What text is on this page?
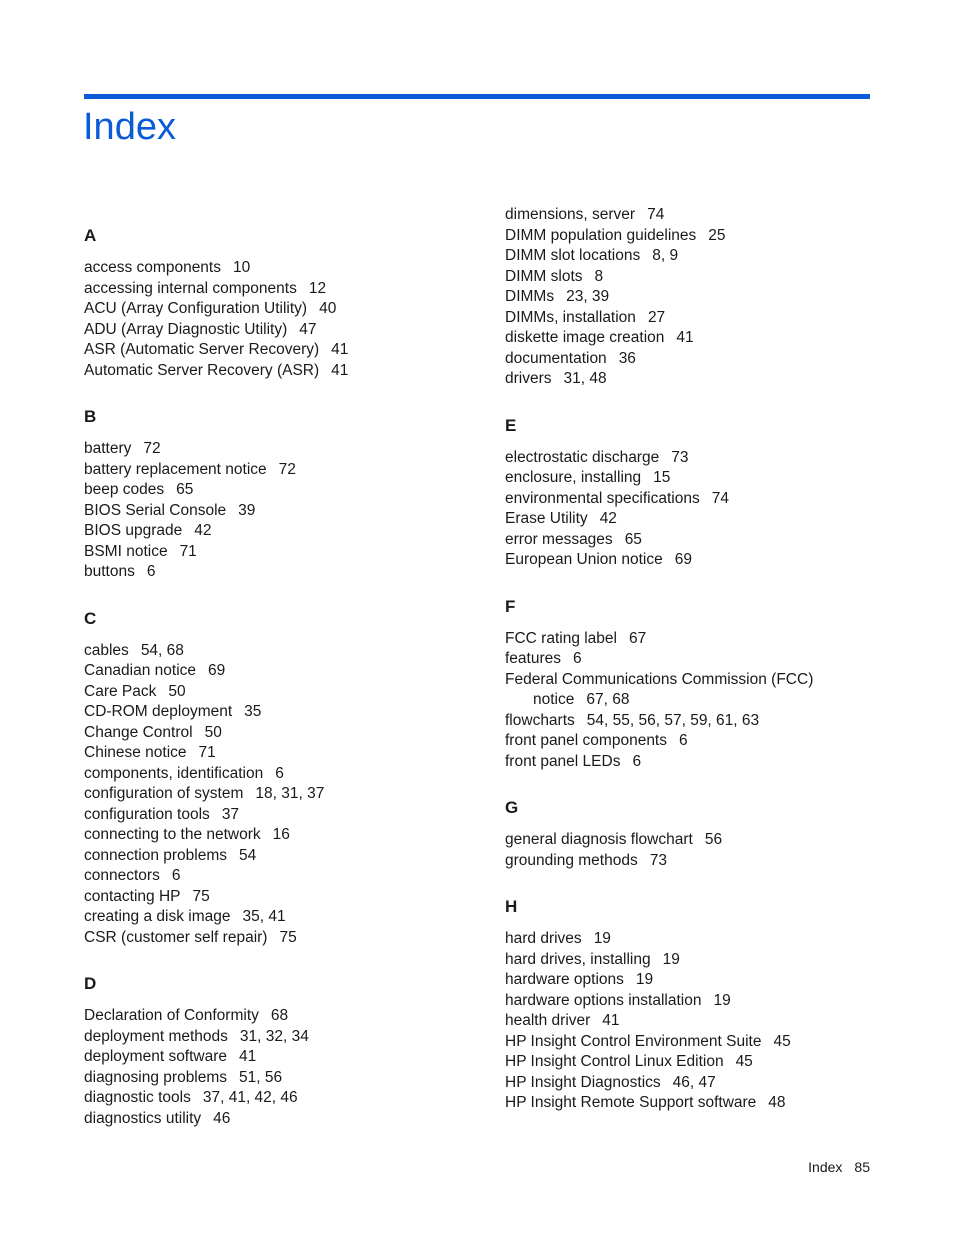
Index
A
access components 10
accessing internal components 12
ACU (Array Configuration Utility) 40
ADU (Array Diagnostic Utility) 47
ASR (Automatic Server Recovery) 41
Automatic Server Recovery (ASR) 41
B
battery 72
battery replacement notice 72
beep codes 65
BIOS Serial Console 39
BIOS upgrade 42
BSMI notice 71
buttons 6
C
cables 54, 68
Canadian notice 69
Care Pack 50
CD-ROM deployment 35
Change Control 50
Chinese notice 71
components, identification 6
configuration of system 18, 31, 37
configuration tools 37
connecting to the network 16
connection problems 54
connectors 6
contacting HP 75
creating a disk image 35, 41
CSR (customer self repair) 75
D
Declaration of Conformity 68
deployment methods 31, 32, 34
deployment software 41
diagnosing problems 51, 56
diagnostic tools 37, 41, 42, 46
diagnostics utility 46
dimensions, server 74
DIMM population guidelines 25
DIMM slot locations 8, 9
DIMM slots 8
DIMMs 23, 39
DIMMs, installation 27
diskette image creation 41
documentation 36
drivers 31, 48
E
electrostatic discharge 73
enclosure, installing 15
environmental specifications 74
Erase Utility 42
error messages 65
European Union notice 69
F
FCC rating label 67
features 6
Federal Communications Commission (FCC)
notice 67, 68
flowcharts 54, 55, 56, 57, 59, 61, 63
front panel components 6
front panel LEDs 6
G
general diagnosis flowchart 56
grounding methods 73
H
hard drives 19
hard drives, installing 19
hardware options 19
hardware options installation 19
health driver 41
HP Insight Control Environment Suite 45
HP Insight Control Linux Edition 45
HP Insight Diagnostics 46, 47
HP Insight Remote Support software 48
Index 85
